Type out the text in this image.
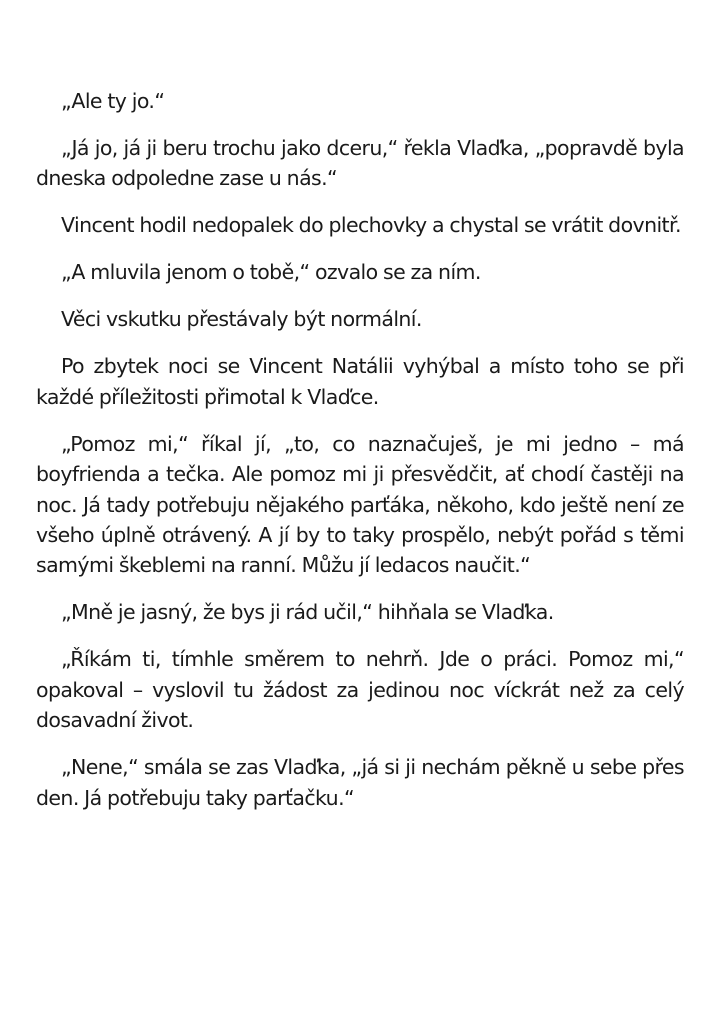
„Ale ty jo.“

„Já jo, já ji beru trochu jako dceru,“ řekla Vlaďka, „popravdě byla dneska odpoledne zase u nás.“

Vincent hodil nedopalek do plechovky a chystal se vrátit dovnitř.

„A mluvila jenom o tobě,“ ozvalo se za ním.

Věci vskutku přestávaly být normální.

Po zbytek noci se Vincent Natálii vyhýbal a místo toho se při každé příležitosti přimotal k Vlaďce.

„Pomoz mi,“ říkal jí, „to, co naznačuješ, je mi jedno – má boyfrienda a tečka. Ale pomoz mi ji přesvědčit, ať chodí častěji na noc. Já tady potřebuju nějakého parťáka, někoho, kdo ještě není ze všeho úplně otrávený. A jí by to taky prospělo, nebýt pořád s těmi samými škeblemi na ranní. Můžu jí ledacos naučit.“

„Mně je jasný, že bys ji rád učil,“ hihňala se Vlaďka.

„Říkám ti, tímhle směrem to nehrň. Jde o práci. Pomoz mi,“ opakoval – vyslovil tu žádost za jedinou noc víckrát než za celý dosavadní život.

„Nene,“ smála se zas Vlaďka, „já si ji nechám pěkně u sebe přes den. Já potřebuju taky parťačku.“
